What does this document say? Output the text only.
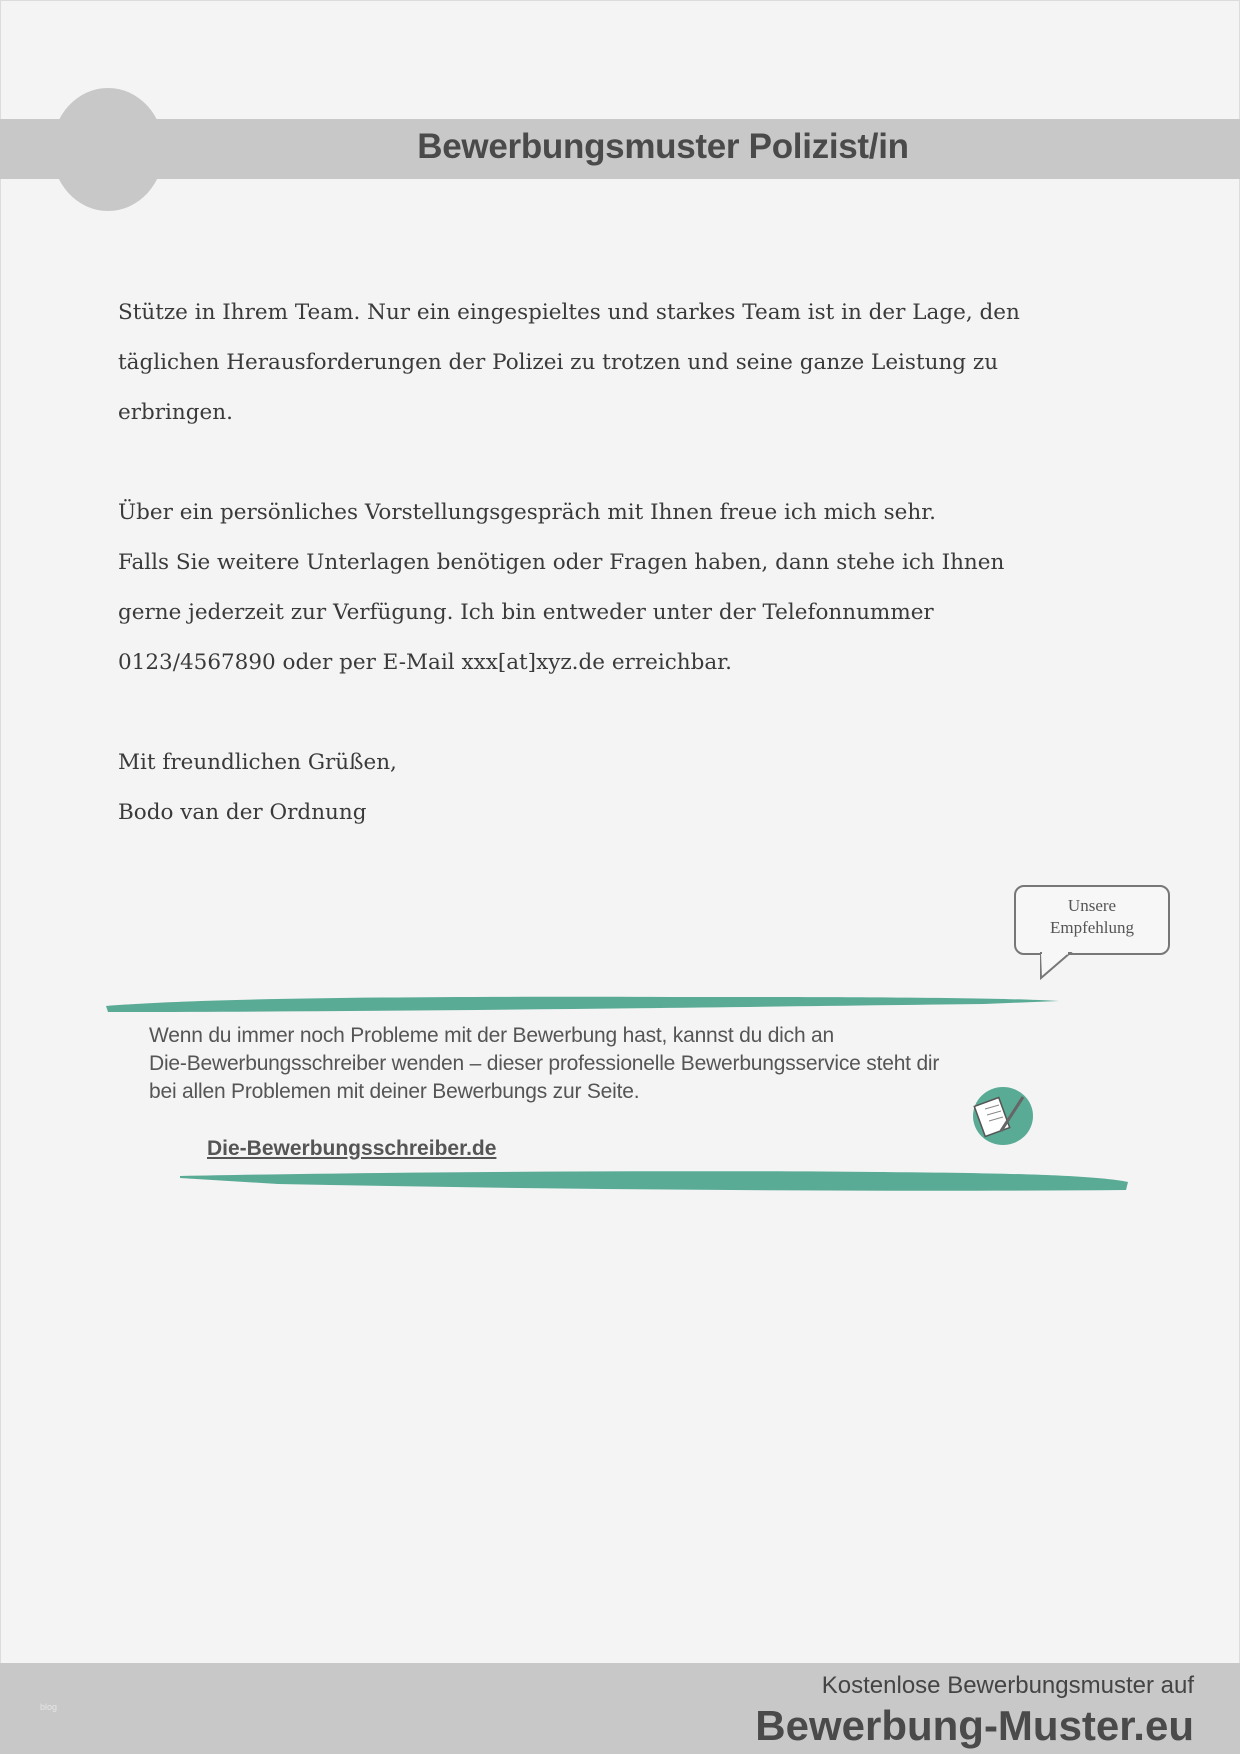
Bewerbungsmuster Polizist/in
Stütze in Ihrem Team. Nur ein eingespieltes und starkes Team ist in der Lage, den
täglichen Herausforderungen der Polizei zu trotzen und seine ganze Leistung zu
erbringen.
Über ein persönliches Vorstellungsgespräch mit Ihnen freue ich mich sehr.
Falls Sie weitere Unterlagen benötigen oder Fragen haben, dann stehe ich Ihnen
gerne jederzeit zur Verfügung. Ich bin entweder unter der Telefonnummer
0123/4567890 oder per E-Mail xxx[at]xyz.de erreichbar.
Mit freundlichen Grüßen,
Bodo van der Ordnung
Unsere
Empfehlung
Wenn du immer noch Probleme mit der Bewerbung hast, kannst du dich an
Die-Bewerbungsschreiber wenden – dieser professionelle Bewerbungsservice steht dir
bei allen Problemen mit deiner Bewerbungs zur Seite.
Die-Bewerbungsschreiber.de
blog
Kostenlose Bewerbungsmuster auf
Bewerbung-Muster.eu
